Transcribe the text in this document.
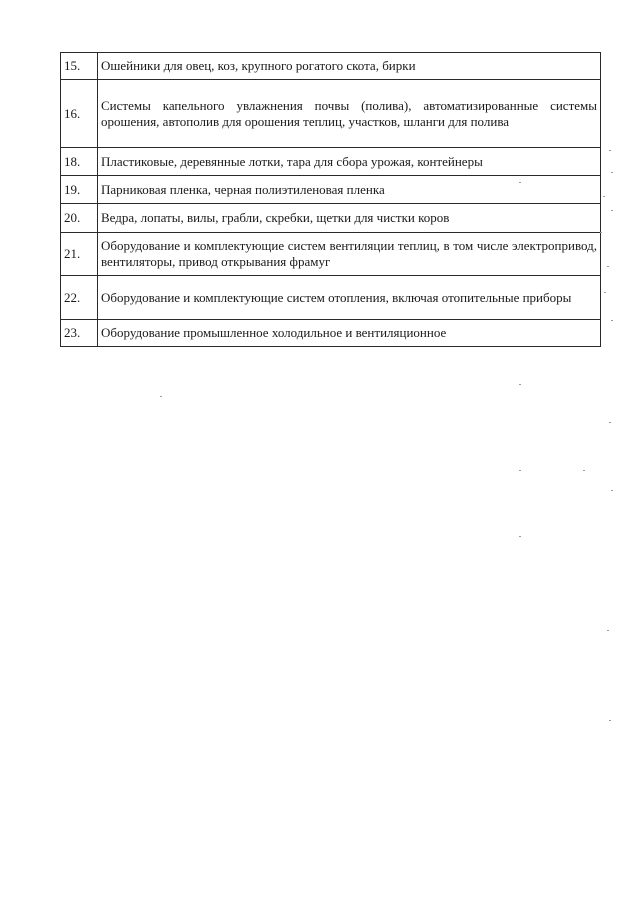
15.	Ошейники для овец, коз, крупного рогатого скота, бирки
16.	Системы капельного увлажнения почвы (полива), автоматизированные системы орошения, автополив для орошения теплиц, участков, шланги для полива
18.	Пластиковые, деревянные лотки, тара для сбора урожая, контейнеры
19.	Парниковая пленка, черная полиэтиленовая пленка
20.	Ведра, лопаты, вилы, грабли, скребки, щетки для чистки коров
21.	Оборудование и комплектующие систем вентиляции теплиц, в том числе электропривод, вентиляторы, привод открывания фрамуг
22.	Оборудование и комплектующие систем отопления, включая отопительные приборы
23.	Оборудование промышленное холодильное и вентиляционное
